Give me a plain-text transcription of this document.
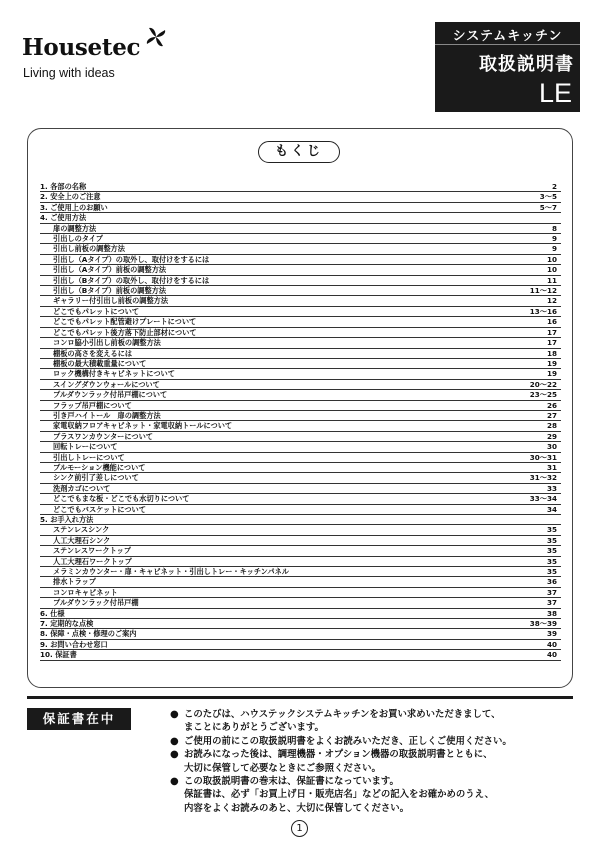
Housetec
Living with ideas
システムキッチン
取扱説明書
LE
もくじ
1. 各部の名称	2
2. 安全上のご注意	3～5
3. ご使用上のお願い	5～7
4. ご使用方法
扉の調整方法	8
引出しのタイプ	9
引出し前板の調整方法	9
引出し（Aタイプ）の取外し、取付けをするには	10
引出し（Aタイプ）前板の調整方法	10
引出し（Bタイプ）の取外し、取付けをするには	11
引出し（Bタイプ）前板の調整方法	11～12
ギャラリー付引出し前板の調整方法	12
どこでもパレットについて	13～16
どこでもパレット配管避けプレートについて	16
どこでもパレット後方落下防止部材について	17
コンロ脇小引出し前板の調整方法	17
棚板の高さを変えるには	18
棚板の最大積載重量について	19
ロック機構付きキャビネットについて	19
スイングダウンウォールについて	20～22
プルダウンラック付吊戸棚について	23～25
フラップ吊戸棚について	26
引き戸ハイトール　扉の調整方法	27
家電収納フロアキャビネット・家電収納トールについて	28
プラスワンカウンターについて	29
回転トレーについて	30
引出しトレーについて	30～31
プルモーション機能について	31
シンク前引了差しについて	31～32
洗剤カゴについて	33
どこでもまな板・どこでも水切りについて	33～34
どこでもバスケットについて	34
5. お手入れ方法
ステンレスシンク	35
人工大理石シンク	35
ステンレスワークトップ	35
人工大理石ワークトップ	35
メラミンカウンター・扉・キャビネット・引出しトレー・キッチンパネル	35
排水トラップ	36
コンロキャビネット	37
プルダウンラック付吊戸棚	37
6. 仕様	38
7. 定期的な点検	38～39
8. 保障・点検・修理のご案内	39
9. お問い合わせ窓口	40
10. 保証書	40
保証書在中	● このたびは、ハウステックシステムキッチンをお買い求めいただきまして、
まことにありがとうございます。
● ご使用の前にこの取扱説明書をよくお読みいただき、正しくご使用ください。
● お読みになった後は、調理機器・オプション機器の取扱説明書とともに、
大切に保管して必要なときにご参照ください。
● この取扱説明書の巻末は、保証書になっています。
保証書は、必ず「お買上げ日・販売店名」などの記入をお確かめのうえ、
内容をよくお読みのあと、大切に保管してください。
1
